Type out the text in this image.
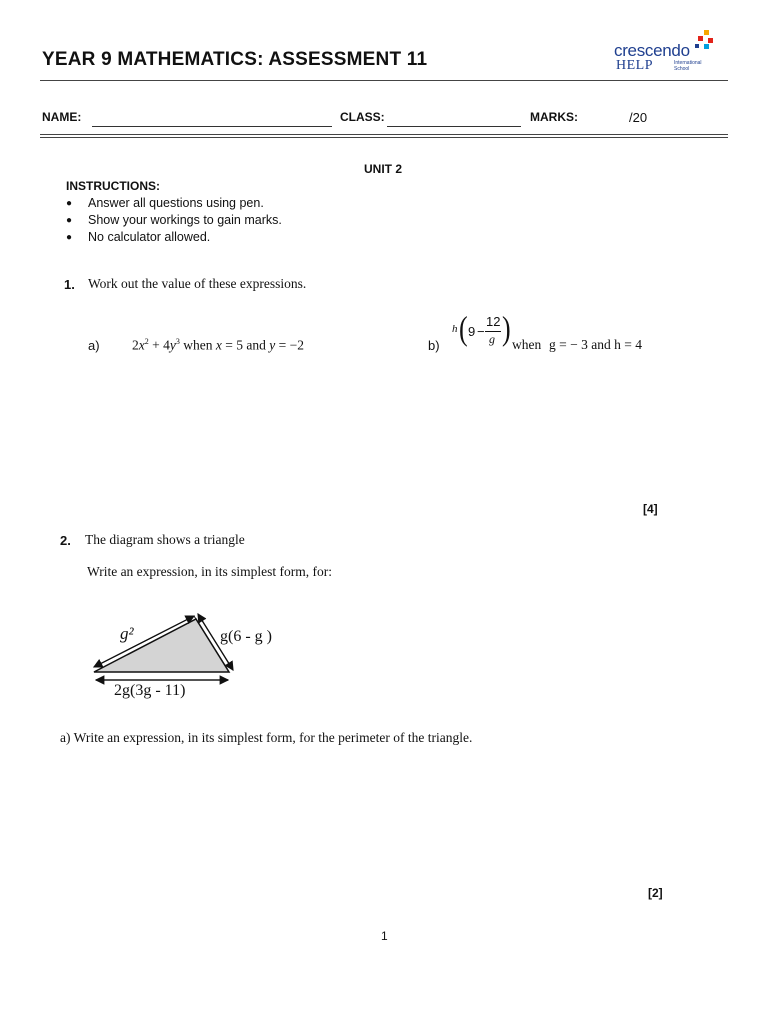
YEAR 9 MATHEMATICS: ASSESSMENT 11	crescendo
HELP	International
School
NAME:	CLASS:	MARKS:	/20
UNIT 2
INSTRUCTIONS:
● Answer all questions using pen.
● Show your workings to gain marks.
● No calculator allowed.
1. Work out the value of these expressions.
a) $2x^2 + 4y^3$ when x = 5 and y = −2	b)
h ( 9 −
12
g ) when g = − 3 and h = 4
[4]
2. The diagram shows a triangle
Write an expression, in its simplest form, for:
g²	g(6 - g )
2g(3g - 11)
a) Write an expression, in its simplest form, for the perimeter of the triangle.
[2]
1
